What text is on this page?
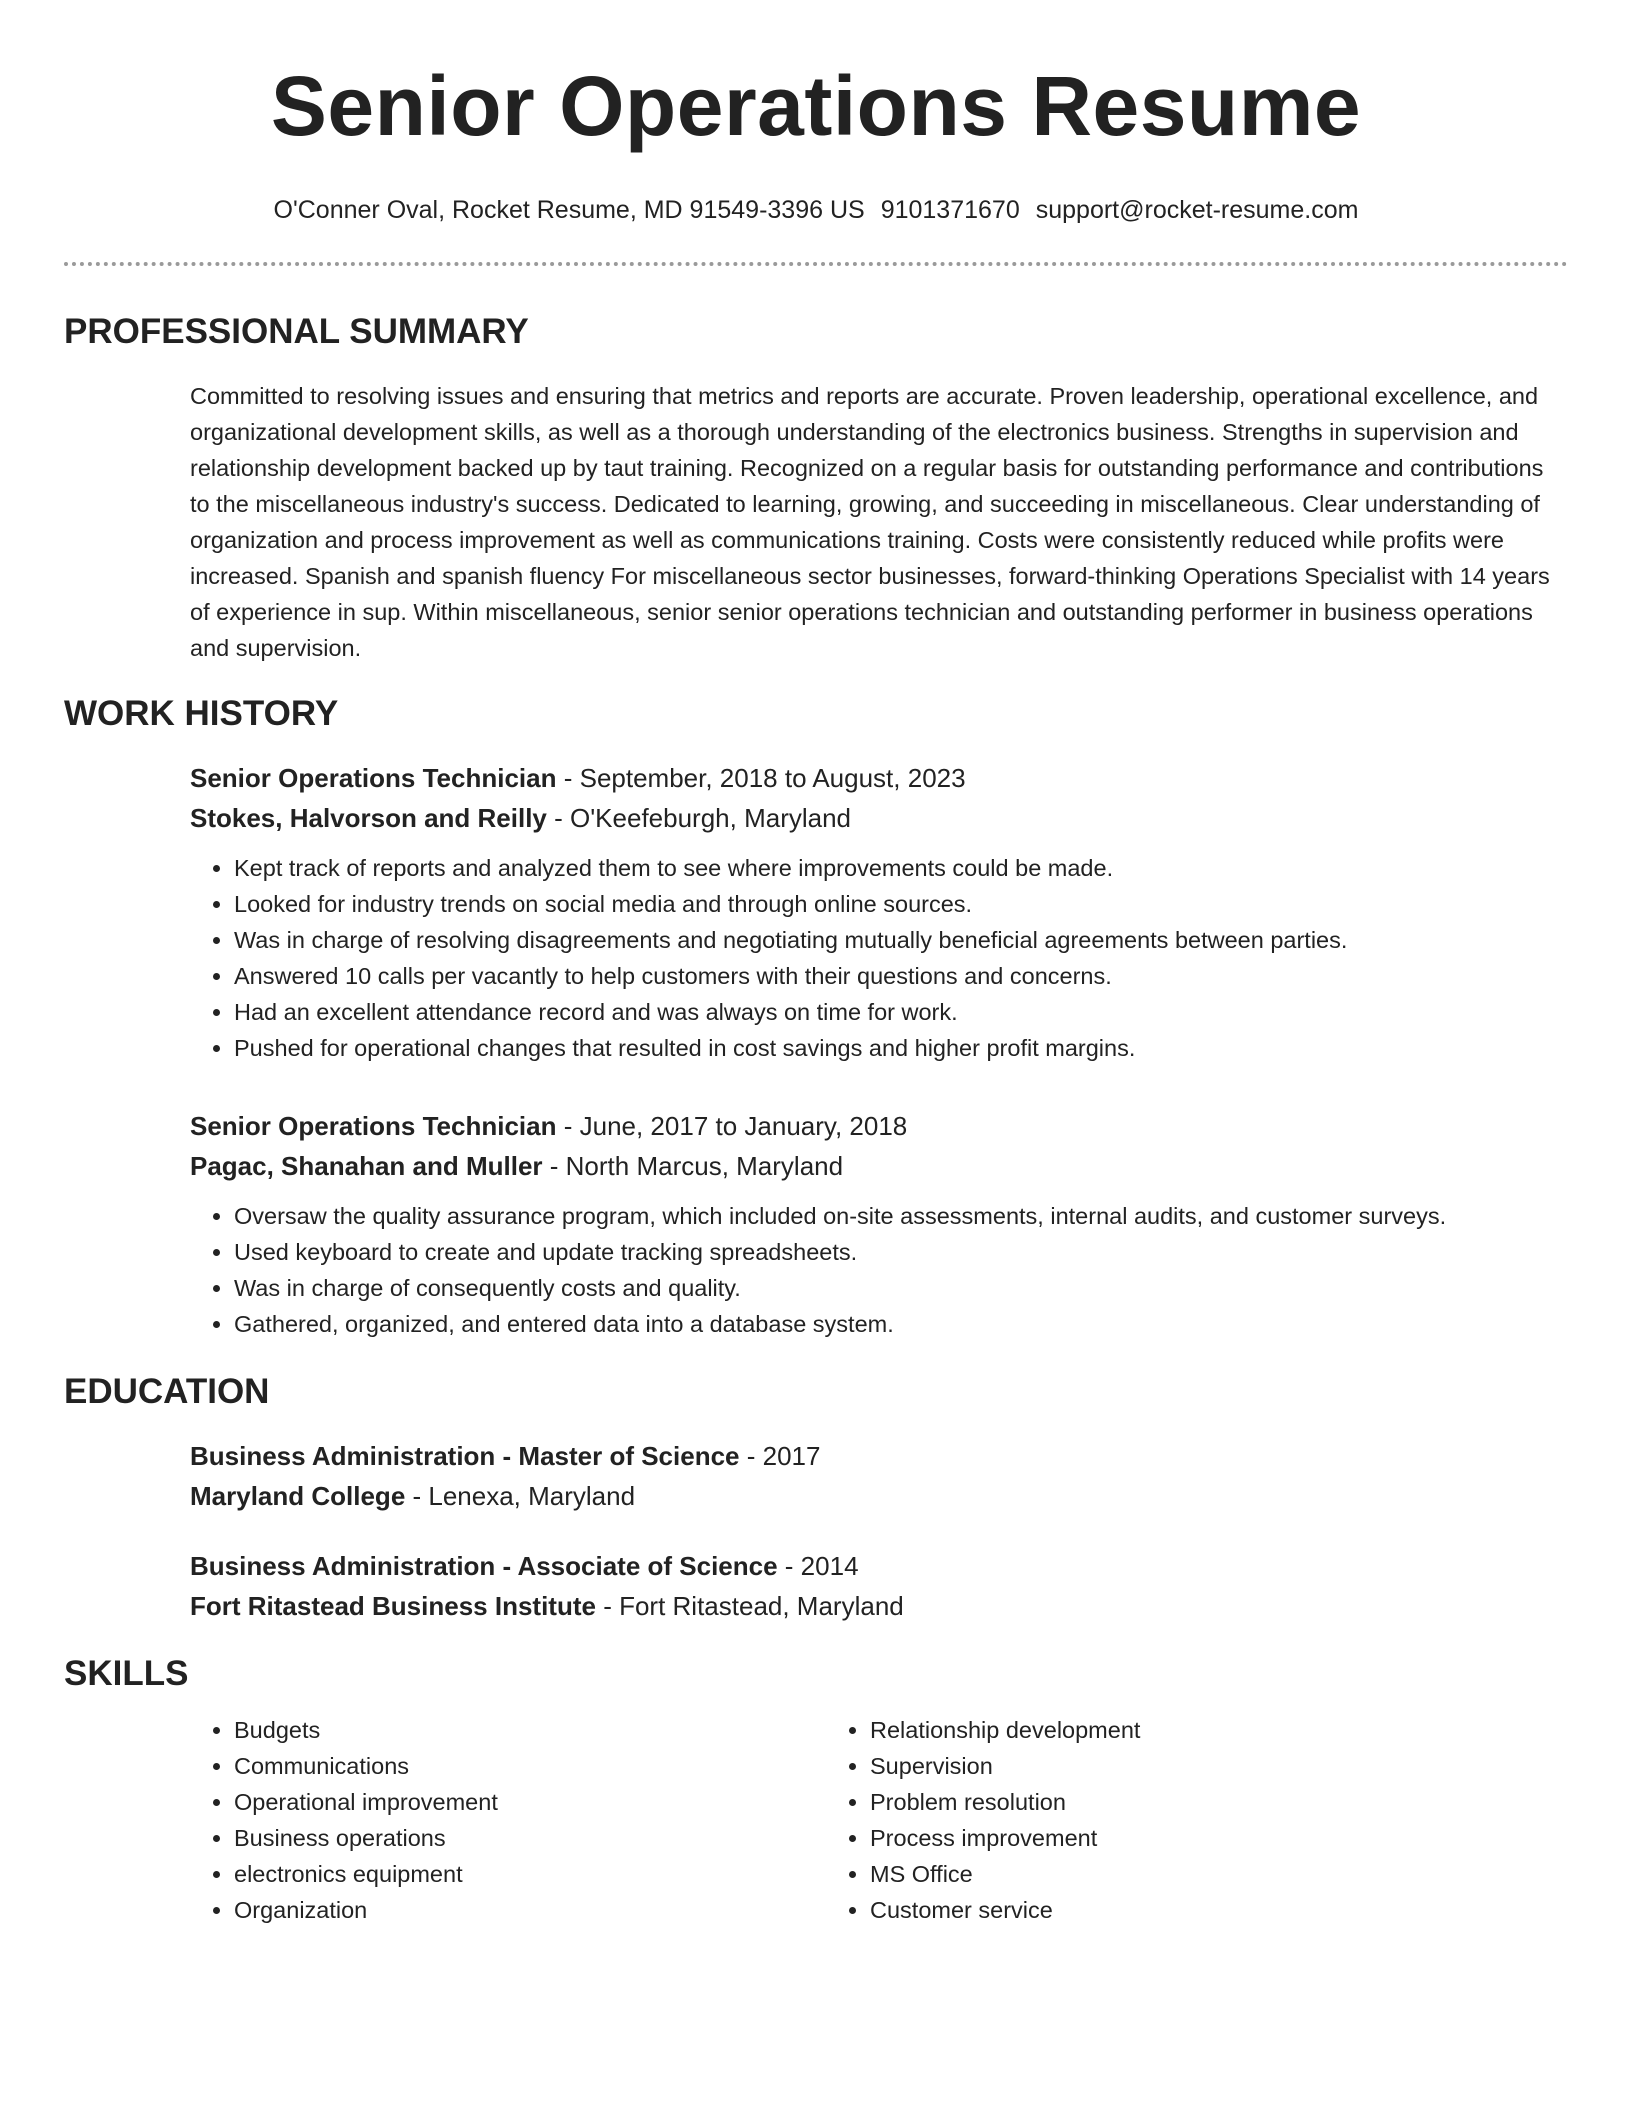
Senior Operations Resume
O'Conner Oval, Rocket Resume, MD 91549-3396 US 9101371670 support@rocket-resume.com
PROFESSIONAL SUMMARY

Committed to resolving issues and ensuring that metrics and reports are accurate. Proven leadership, operational excellence, and organizational development skills, as well as a thorough understanding of the electronics business. Strengths in supervision and relationship development backed up by taut training. Recognized on a regular basis for outstanding performance and contributions to the miscellaneous industry's success. Dedicated to learning, growing, and succeeding in miscellaneous. Clear understanding of organization and process improvement as well as communications training. Costs were consistently reduced while profits were increased. Spanish and spanish fluency For miscellaneous sector businesses, forward-thinking Operations Specialist with 14 years of experience in sup. Within miscellaneous, senior senior operations technician and outstanding performer in business operations and supervision.

WORK HISTORY
Senior Operations Technician - September, 2018 to August, 2023
Stokes, Halvorson and Reilly - O'Keefeburgh, Maryland
• Kept track of reports and analyzed them to see where improvements could be made.
• Looked for industry trends on social media and through online sources.
• Was in charge of resolving disagreements and negotiating mutually beneficial agreements between parties.
• Answered 10 calls per vacantly to help customers with their questions and concerns.
• Had an excellent attendance record and was always on time for work.
• Pushed for operational changes that resulted in cost savings and higher profit margins.
Senior Operations Technician - June, 2017 to January, 2018
Pagac, Shanahan and Muller - North Marcus, Maryland
• Oversaw the quality assurance program, which included on-site assessments, internal audits, and customer surveys.
• Used keyboard to create and update tracking spreadsheets.
• Was in charge of consequently costs and quality.
• Gathered, organized, and entered data into a database system.
EDUCATION
Business Administration - Master of Science - 2017
Maryland College - Lenexa, Maryland
Business Administration - Associate of Science - 2014
Fort Ritastead Business Institute - Fort Ritastead, Maryland
SKILLS
• Budgets
• Communications
• Operational improvement
• Business operations
• electronics equipment
• Organization
• Relationship development
• Supervision
• Problem resolution
• Process improvement
• MS Office
• Customer service
